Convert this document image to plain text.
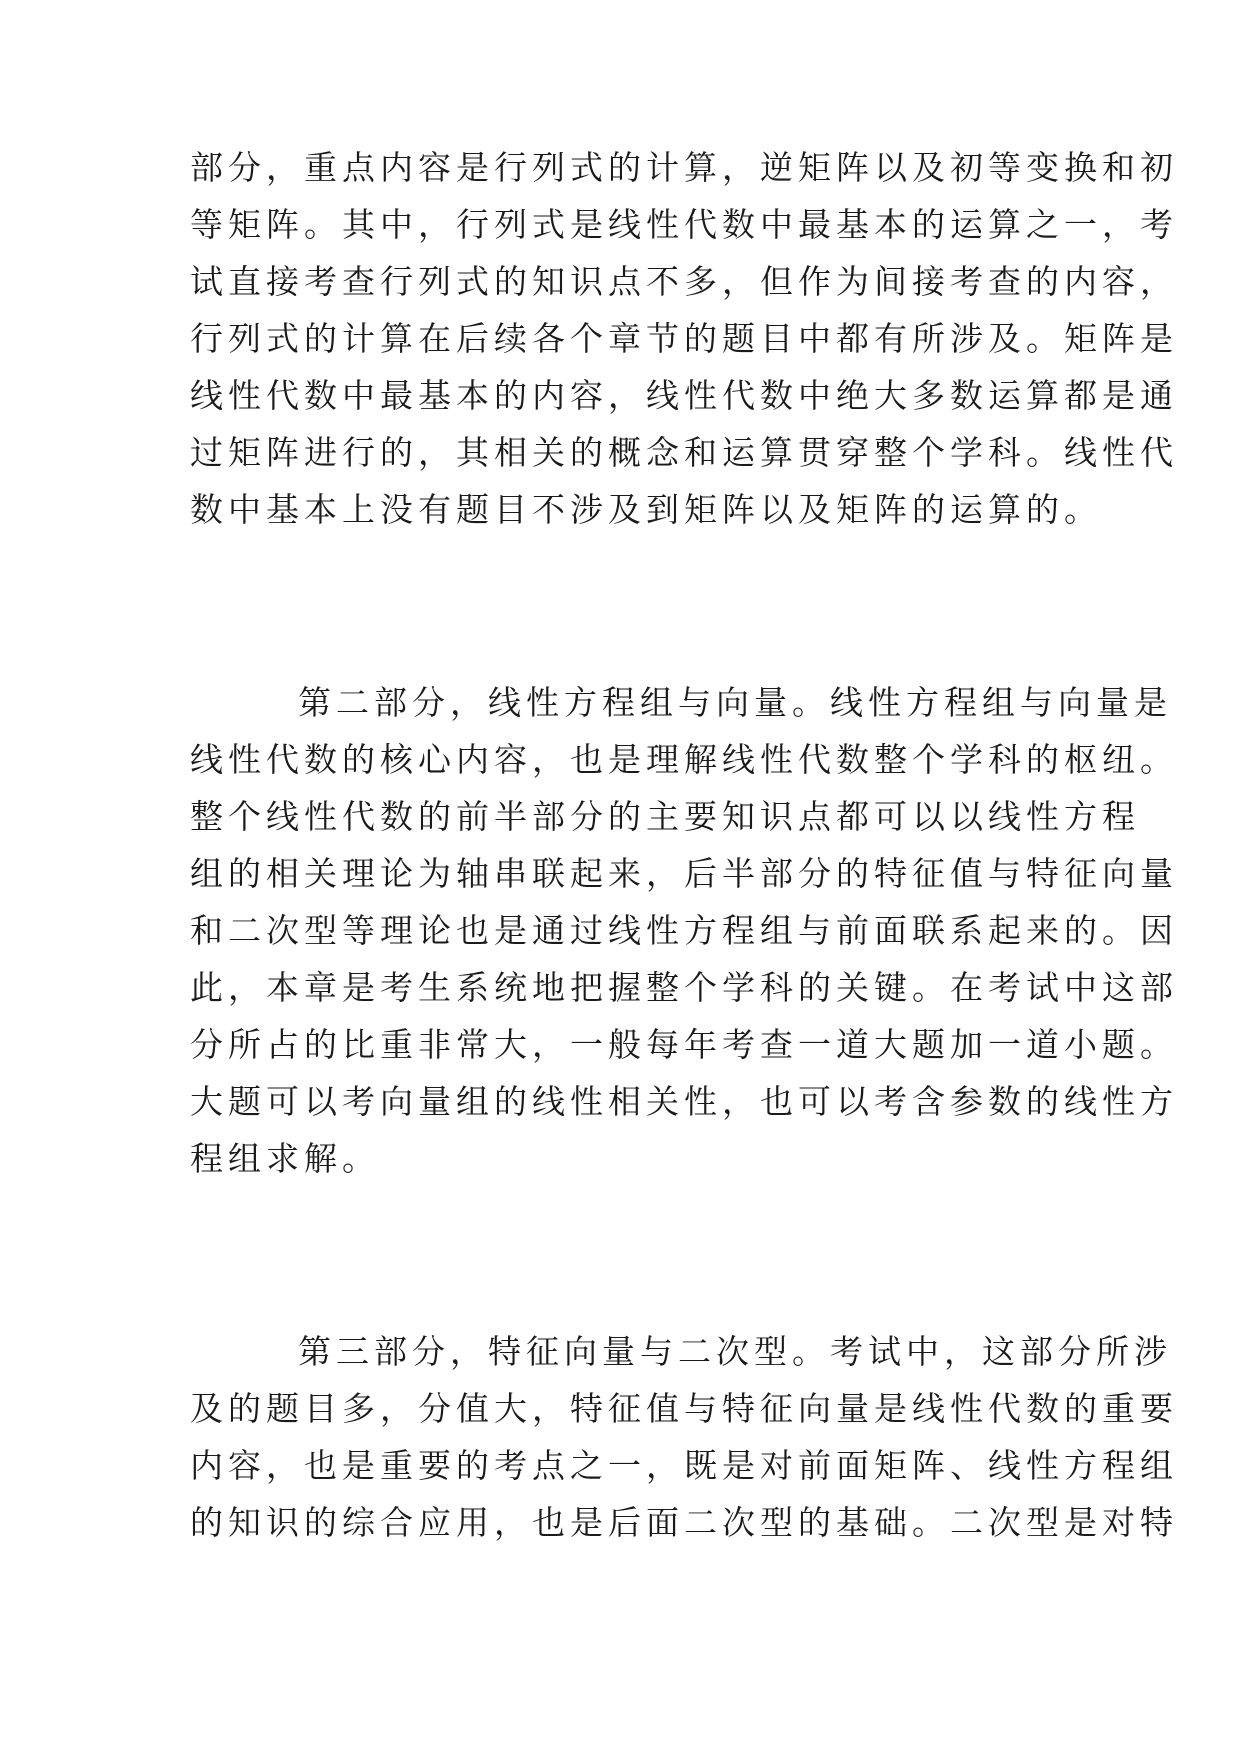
部分，重点内容是行列式的计算，逆矩阵以及初等变换和初

等矩阵。其中，行列式是线性代数中最基本的运算之一，考

试直接考查行列式的知识点不多，但作为间接考查的内容，

行列式的计算在后续各个章节的题目中都有所涉及。矩阵是

线性代数中最基本的内容，线性代数中绝大多数运算都是通

过矩阵进行的，其相关的概念和运算贯穿整个学科。线性代

数中基本上没有题目不涉及到矩阵以及矩阵的运算的。

第二部分，线性方程组与向量。线性方程组与向量是

线性代数的核心内容，也是理解线性代数整个学科的枢纽。

整个线性代数的前半部分的主要知识点都可以以线性方程

组的相关理论为轴串联起来，后半部分的特征值与特征向量

和二次型等理论也是通过线性方程组与前面联系起来的。因

此，本章是考生系统地把握整个学科的关键。在考试中这部

分所占的比重非常大，一般每年考查一道大题加一道小题。

大题可以考向量组的线性相关性，也可以考含参数的线性方

程组求解。

第三部分，特征向量与二次型。考试中，这部分所涉

及的题目多，分值大，特征值与特征向量是线性代数的重要

内容，也是重要的考点之一，既是对前面矩阵、线性方程组

的知识的综合应用，也是后面二次型的基础。二次型是对特
